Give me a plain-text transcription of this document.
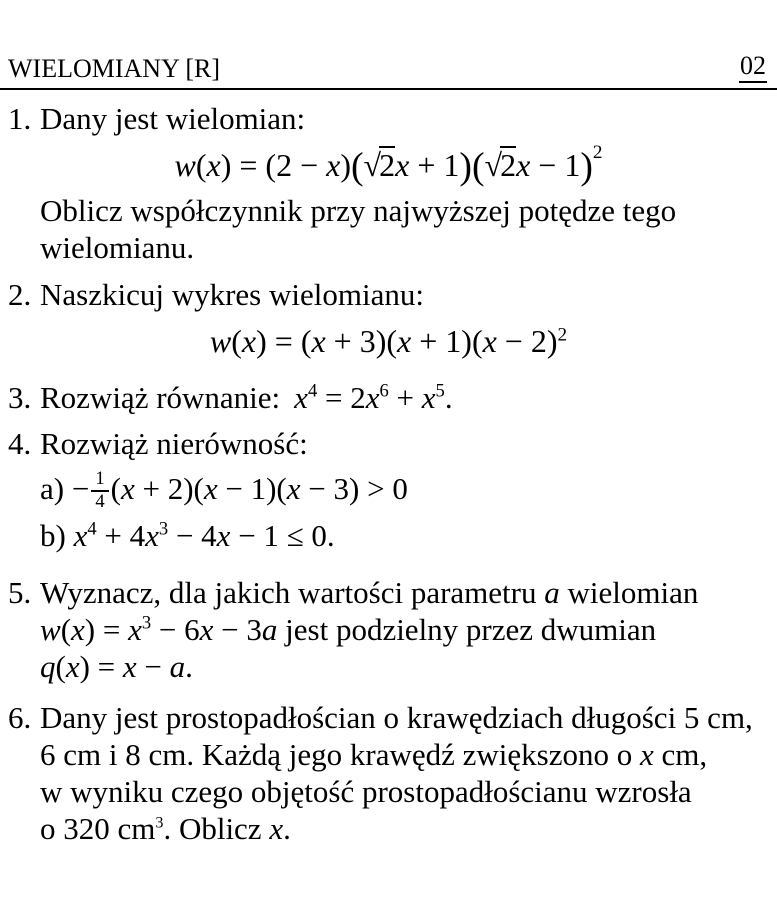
WIELOMIANY [R]	02
1. Dany jest wielomian:
$w(x) = (2 - x)(√2x + 1)(√2x - 1)^2$
Oblicz współczynnik przy najwyższej potędze tego wielomianu.
2. Naszkicuj wykres wielomianu:
$w(x) = (x + 3)(x + 1)(x - 2)^2$
3. Rozwiąż równanie: $x^4 = 2x^6 + x^5$.
4. Rozwiąż nierówność:
$a) - \frac{1}{4} (x + 2)(x - 1)(x - 3) > 0$
b) $x^4 + 4x^3 - 4x - 1 \le 0$.
5. Wyznacz, dla jakich wartości parametru a wielomian
$w(x) = x^3 - 6x - 3a$ jest podzielny przez dwumian
q(x) = x − a.
6. Dany jest prostopadłościan o krawędziach długości 5 cm,
6 cm i 8 cm. Każdą jego krawędź zwiększono o x cm,
w wyniku czego objętość prostopadłościanu wzrosła
o 320 $cm^3$. Oblicz x.
